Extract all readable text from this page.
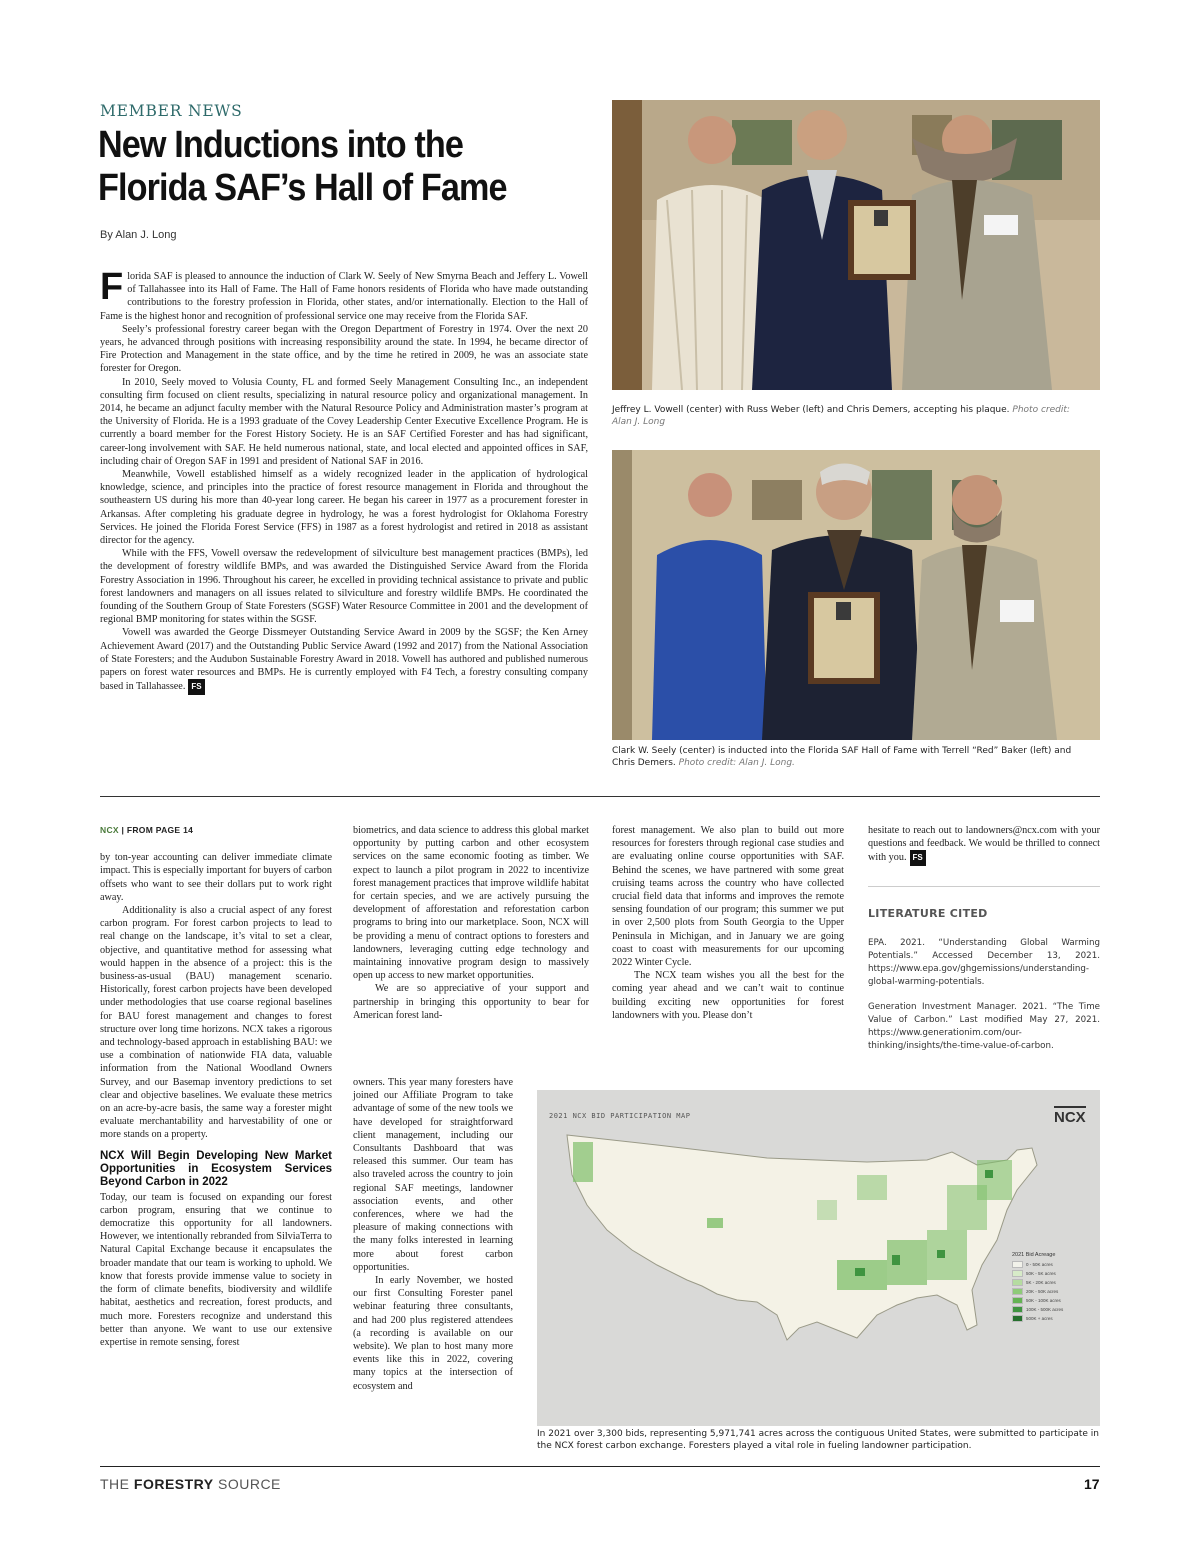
MEMBER NEWS
New Inductions into the Florida SAF’s Hall of Fame
By Alan J. Long

Florida SAF is pleased to announce the induction of Clark W. Seely of New Smyrna Beach and Jeffery L. Vowell of Tallahassee into its Hall of Fame. The Hall of Fame honors residents of Florida who have made outstanding contributions to the forestry profession in Florida, other states, and/or internationally. Election to the Hall of Fame is the highest honor and recognition of professional service one may receive from the Florida SAF.

Seely’s professional forestry career began with the Oregon Department of Forestry in 1974. Over the next 20 years, he advanced through positions with increasing responsibility around the state. In 1994, he became director of Fire Protection and Management in the state office, and by the time he retired in 2009, he was an associate state forester for Oregon.

In 2010, Seely moved to Volusia County, FL and formed Seely Management Consulting Inc., an independent consulting firm focused on client results, specializing in natural resource policy and organizational management. In 2014, he became an adjunct faculty member with the Natural Resource Policy and Administration master’s program at the University of Florida. He is a 1993 graduate of the Covey Leadership Center Executive Excellence Program. He is currently a board member for the Forest History Society. He is an SAF Certified Forester and has had significant, career-long involvement with SAF. He held numerous national, state, and local elected and appointed offices in SAF, including chair of Oregon SAF in 1991 and president of National SAF in 2016.

Meanwhile, Vowell established himself as a widely recognized leader in the application of hydrological knowledge, science, and principles into the practice of forest resource management in Florida and throughout the southeastern US during his more than 40-year long career. He began his career in 1977 as a procurement forester in Arkansas. After completing his graduate degree in hydrology, he was a forest hydrologist for Oklahoma Forestry Services. He joined the Florida Forest Service (FFS) in 1987 as a forest hydrologist and retired in 2018 as assistant director for the agency.

While with the FFS, Vowell oversaw the redevelopment of silviculture best management practices (BMPs), led the development of forestry wildlife BMPs, and was awarded the Distinguished Service Award from the Florida Forestry Association in 1996. Throughout his career, he excelled in providing technical assistance to private and public forest landowners and managers on all issues related to silviculture and forestry wildlife BMPs. He coordinated the founding of the Southern Group of State Foresters (SGSF) Water Resource Committee in 2001 and the development of regional BMP monitoring for states within the SGSF.

Vowell was awarded the George Dissmeyer Outstanding Service Award in 2009 by the SGSF; the Ken Arney Achievement Award (2017) and the Outstanding Public Service Award (1992 and 2017) from the National Association of State Foresters; and the Audubon Sustainable Forestry Award in 2018. Vowell has authored and published numerous papers on forest water resources and BMPs. He is currently employed with F4 Tech, a forestry consulting company based in Tallahassee. FS

Jeffrey L. Vowell (center) with Russ Weber (left) and Chris Demers, accepting his plaque. Photo credit: Alan J. Long
Clark W. Seely (center) is inducted into the Florida SAF Hall of Fame with Terrell “Red” Baker (left) and Chris Demers. Photo credit: Alan J. Long.
NCX | FROM PAGE 14

by ton-year accounting can deliver immediate climate impact. This is especially important for buyers of carbon offsets who want to see their dollars put to work right away.

Additionality is also a crucial aspect of any forest carbon program. For forest carbon projects to lead to real change on the landscape, it’s vital to set a clear, objective, and quantitative method for assessing what would happen in the absence of a project: this is the business-as-usual (BAU) management scenario. Historically, forest carbon projects have been developed under methodologies that use coarse regional baselines for BAU forest management and changes to forest structure over long time horizons. NCX takes a rigorous and technology-based approach in establishing BAU: we use a combination of nationwide FIA data, valuable information from the National Woodland Owners Survey, and our Basemap inventory predictions to set clear and objective baselines. We evaluate these metrics on an acre-by-acre basis, the same way a forester might evaluate merchantability and harvestability of one or more stands on a property.

NCX Will Begin Developing New Market Opportunities in Ecosystem Services Beyond Carbon in 2022

Today, our team is focused on expanding our forest carbon program, ensuring that we continue to democratize this opportunity for all landowners. However, we intentionally rebranded from SilviaTerra to Natural Capital Exchange because it encapsulates the broader mandate that our team is working to uphold. We know that forests provide immense value to society in the form of climate benefits, biodiversity and wildlife habitat, aesthetics and recreation, forest products, and much more. Foresters recognize and understand this better than anyone. We want to use our extensive expertise in remote sensing, forest

biometrics, and data science to address this global market opportunity by putting carbon and other ecosystem services on the same economic footing as timber. We expect to launch a pilot program in 2022 to incentivize forest management practices that improve wildlife habitat for certain species, and we are actively pursuing the development of afforestation and reforestation carbon programs to bring into our marketplace. Soon, NCX will be providing a menu of contract options to foresters and landowners, leveraging cutting edge technology and maintaining innovative program design to massively open up access to new market opportunities.

We are so appreciative of your support and partnership in bringing this opportunity to bear for American forest land-

owners. This year many foresters have joined our Affiliate Program to take advantage of some of the new tools we have developed for straightforward client management, including our Consultants Dashboard that was released this summer. Our team has also traveled across the country to join regional SAF meetings, landowner association events, and other conferences, where we had the pleasure of making connections with the many folks interested in learning more about forest carbon opportunities.

In early November, we hosted our first Consulting Forester panel webinar featuring three consultants, and had 200 plus registered attendees (a recording is available on our website). We plan to host many more events like this in 2022, covering many topics at the intersection of ecosystem and

forest management. We also plan to build out more resources for foresters through regional case studies and are evaluating online course opportunities with SAF. Behind the scenes, we have partnered with some great cruising teams across the country who have collected crucial field data that informs and improves the remote sensing foundation of our program; this summer we put in over 2,500 plots from South Georgia to the Upper Peninsula in Michigan, and in January we are going coast to coast with measurements for our upcoming 2022 Winter Cycle.

The NCX team wishes you all the best for the coming year ahead and we can’t wait to continue building exciting new opportunities for forest landowners with you. Please don’t

hesitate to reach out to landowners@ncx.com with your questions and feedback. We would be thrilled to connect with you. FS

LITERATURE CITED

EPA. 2021. “Understanding Global Warming Potentials.” Accessed December 13, 2021. https://www.epa.gov/ghgemissions/understanding-global-warming-potentials.

Generation Investment Manager. 2021. “The Time Value of Carbon.” Last modified May 27, 2021. https://www.generationim.com/our-thinking/insights/the-time-value-of-carbon.

2021 NCX BID PARTICIPATION MAP	NCX
2021 Bid Acreage
0 - 50K acres
50K - 5K acres
5K - 20K acres
20K - 50K acres
50K - 100K acres
100K - 500K acres
500K + acres
In 2021 over 3,300 bids, representing 5,971,741 acres across the contiguous United States, were submitted to participate in the NCX forest carbon exchange. Foresters played a vital role in fueling landowner participation.
THE FORESTRY SOURCE	17
